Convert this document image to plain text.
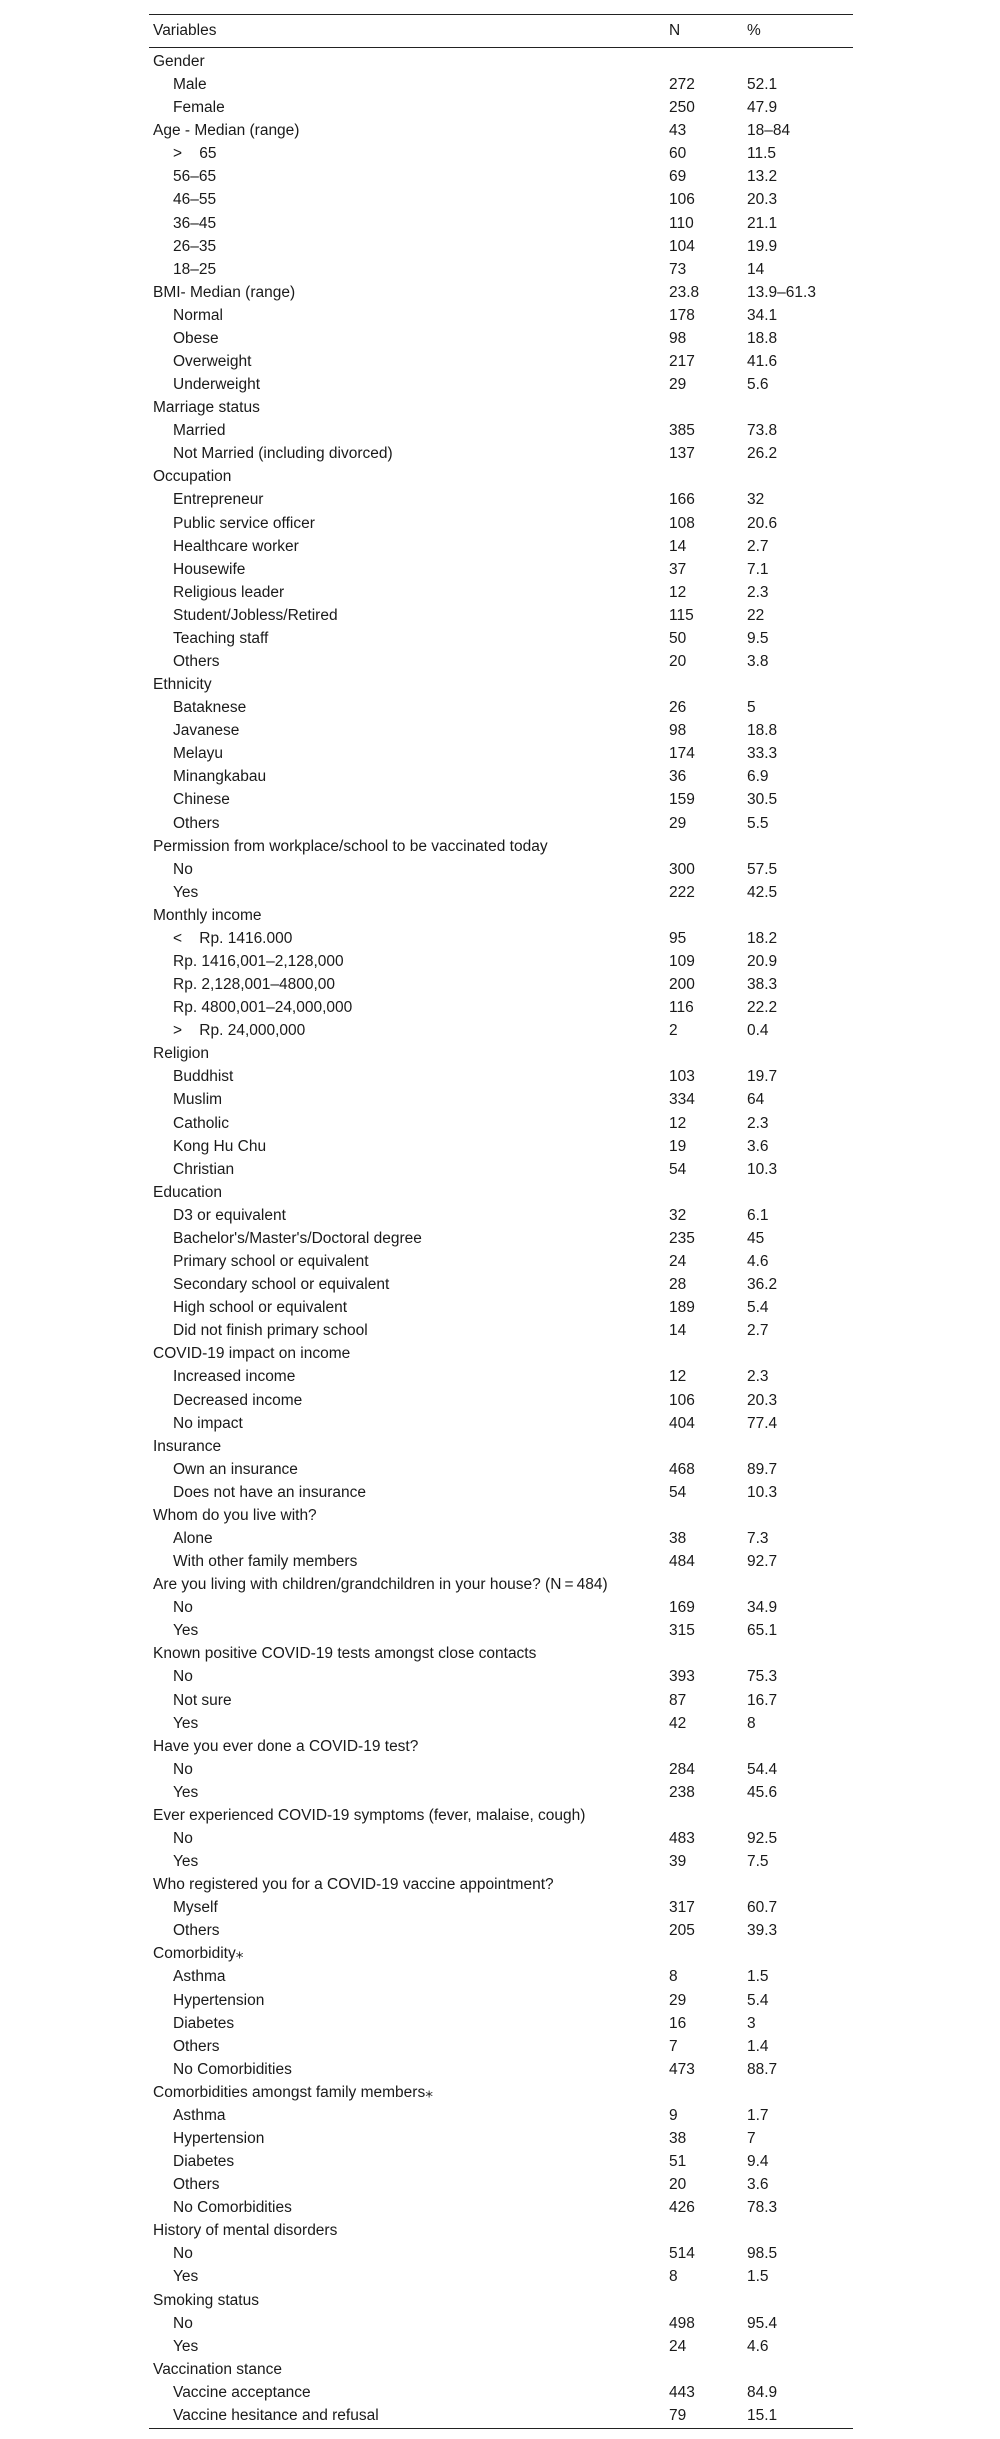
Variables	N	%
Gender
Male	272	52.1
Female	250	47.9
Age - Median (range)	43	18–84
>    65	60	11.5
56–65	69	13.2
46–55	106	20.3
36–45	110	21.1
26–35	104	19.9
18–25	73	14
BMI- Median (range)	23.8	13.9–61.3
Normal	178	34.1
Obese	98	18.8
Overweight	217	41.6
Underweight	29	5.6
Marriage status
Married	385	73.8
Not Married (including divorced)	137	26.2
Occupation
Entrepreneur	166	32
Public service officer	108	20.6
Healthcare worker	14	2.7
Housewife	37	7.1
Religious leader	12	2.3
Student/Jobless/Retired	115	22
Teaching staff	50	9.5
Others	20	3.8
Ethnicity
Bataknese	26	5
Javanese	98	18.8
Melayu	174	33.3
Minangkabau	36	6.9
Chinese	159	30.5
Others	29	5.5
Permission from workplace/school to be vaccinated today
No	300	57.5
Yes	222	42.5
Monthly income
<    Rp. 1416.000	95	18.2
Rp. 1416,001–2,128,000	109	20.9
Rp. 2,128,001–4800,00	200	38.3
Rp. 4800,001–24,000,000	116	22.2
>    Rp. 24,000,000	2	0.4
Religion
Buddhist	103	19.7
Muslim	334	64
Catholic	12	2.3
Kong Hu Chu	19	3.6
Christian	54	10.3
Education
D3 or equivalent	32	6.1
Bachelor's/Master's/Doctoral degree	235	45
Primary school or equivalent	24	4.6
Secondary school or equivalent	28	36.2
High school or equivalent	189	5.4
Did not finish primary school	14	2.7
COVID-19 impact on income
Increased income	12	2.3
Decreased income	106	20.3
No impact	404	77.4
Insurance
Own an insurance	468	89.7
Does not have an insurance	54	10.3
Whom do you live with?
Alone	38	7.3
With other family members	484	92.7
Are you living with children/grandchildren in your house? (N = 484)
No	169	34.9
Yes	315	65.1
Known positive COVID-19 tests amongst close contacts
No	393	75.3
Not sure	87	16.7
Yes	42	8
Have you ever done a COVID-19 test?
No	284	54.4
Yes	238	45.6
Ever experienced COVID-19 symptoms (fever, malaise, cough)
No	483	92.5
Yes	39	7.5
Who registered you for a COVID-19 vaccine appointment?
Myself	317	60.7
Others	205	39.3
Comorbidity⁎
Asthma	8	1.5
Hypertension	29	5.4
Diabetes	16	3
Others	7	1.4
No Comorbidities	473	88.7
Comorbidities amongst family members⁎
Asthma	9	1.7
Hypertension	38	7
Diabetes	51	9.4
Others	20	3.6
No Comorbidities	426	78.3
History of mental disorders
No	514	98.5
Yes	8	1.5
Smoking status
No	498	95.4
Yes	24	4.6
Vaccination stance
Vaccine acceptance	443	84.9
Vaccine hesitance and refusal	79	15.1
